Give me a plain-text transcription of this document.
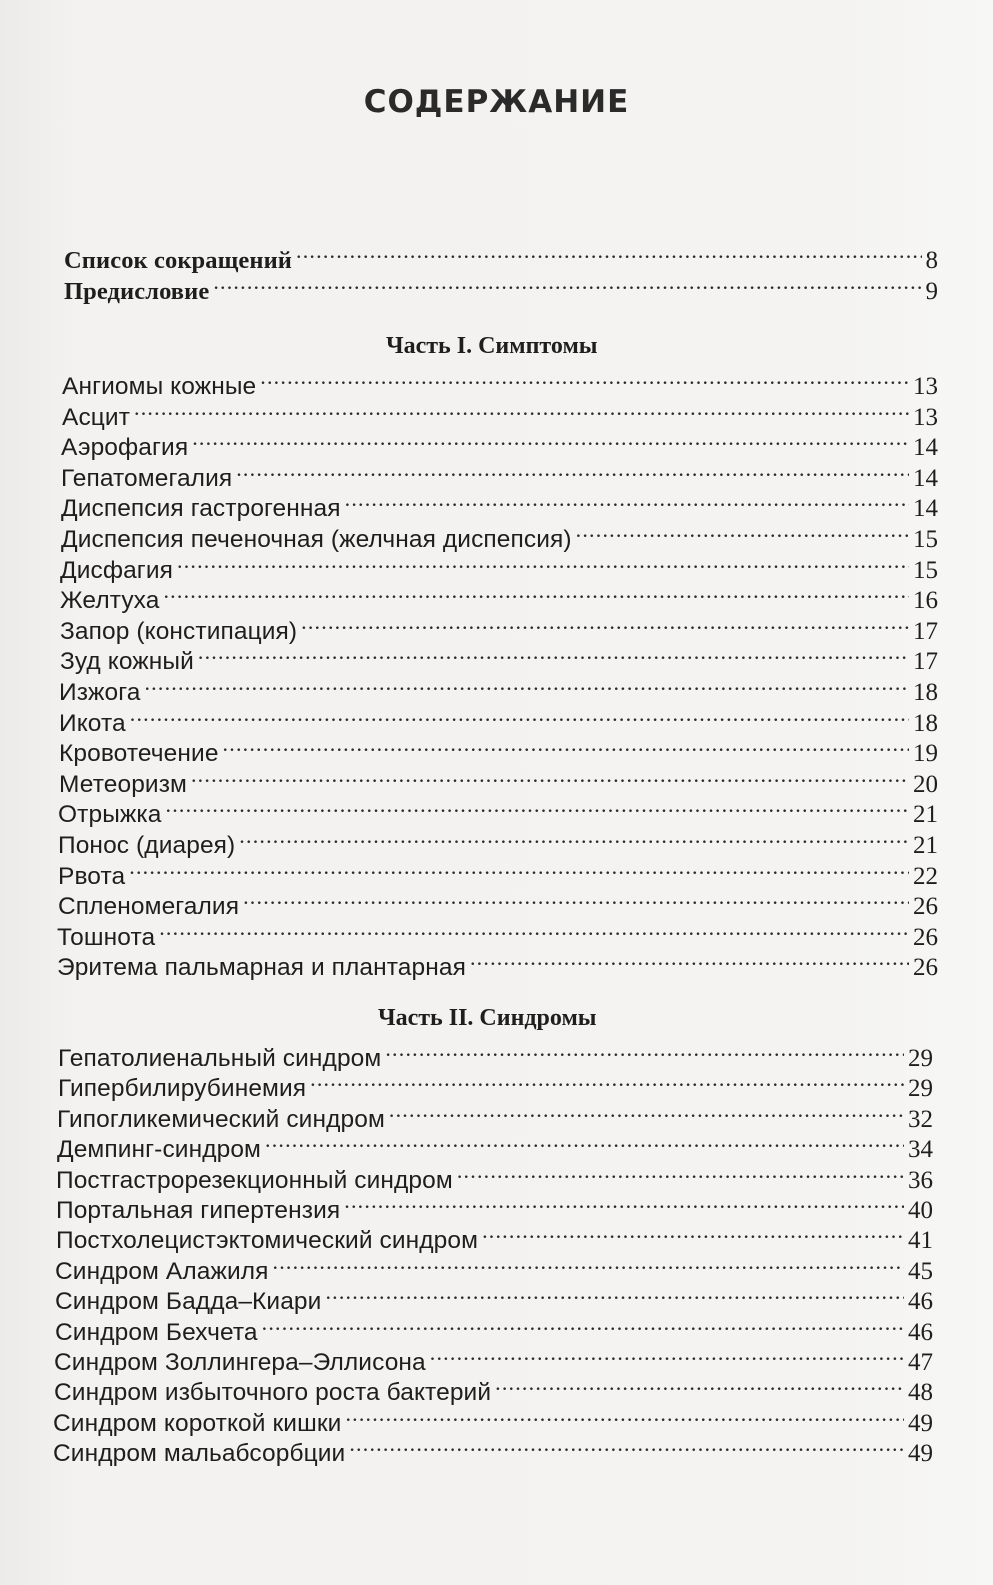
СОДЕРЖАНИЕ
Список сокращений .....	8
Предисловие .....	9
Часть I. Симптомы
Ангиомы кожные .....	13
Асцит .....	13
Аэрофагия .....	14
Гепатомегалия .....	14
Диспепсия гастрогенная .....	14
Диспепсия печеночная (желчная диспепсия) .....	15
Дисфагия .....	15
Желтуха .....	16
Запор (констипация) .....	17
Зуд кожный .....	17
Изжога .....	18
Икота .....	18
Кровотечение .....	19
Метеоризм .....	20
Отрыжка .....	21
Понос (диарея) .....	21
Рвота .....	22
Спленомегалия .....	26
Тошнота .....	26
Эритема пальмарная и плантарная .....	26
Часть II. Синдромы
Гепатолиенальный синдром .....	29
Гипербилирубинемия .....	29
Гипогликемический синдром .....	32
Демпинг-синдром .....	34
Постгастрорезекционный синдром .....	36
Портальная гипертензия .....	40
Постхолецистэктомический синдром .....	41
Синдром Алажиля .....	45
Синдром Бадда–Киари .....	46
Синдром Бехчета .....	46
Синдром Золлингера–Эллисона .....	47
Синдром избыточного роста бактерий .....	48
Синдром короткой кишки .....	49
Синдром мальабсорбции .....	49
